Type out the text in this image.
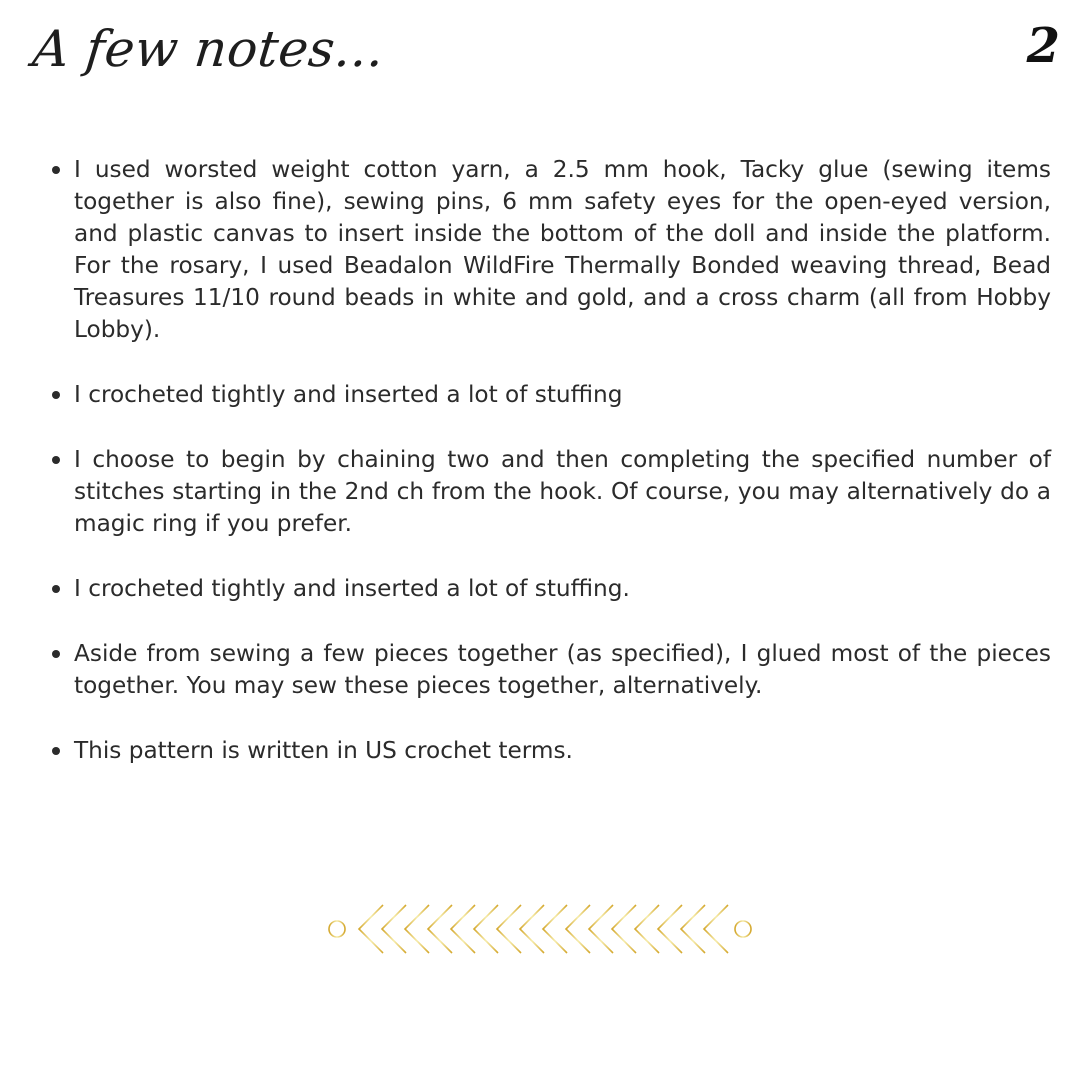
A few notes...	2
• I used worsted weight cotton yarn, a 2.5 mm hook, Tacky glue (sewing items together is also fine), sewing pins, 6 mm safety eyes for the open-eyed version, and plastic canvas to insert inside the bottom of the doll and inside the platform. For the rosary, I used Beadalon WildFire Thermally Bonded weaving thread, Bead Treasures 11/10 round beads in white and gold, and a cross charm (all from Hobby Lobby).
• I crocheted tightly and inserted a lot of stuffing
• I choose to begin by chaining two and then completing the specified number of stitches starting in the 2nd ch from the hook. Of course, you may alternatively do a magic ring if you prefer.
• I crocheted tightly and inserted a lot of stuffing.
• Aside from sewing a few pieces together (as specified), I glued most of the pieces together. You may sew these pieces together, alternatively.
• This pattern is written in US crochet terms.
